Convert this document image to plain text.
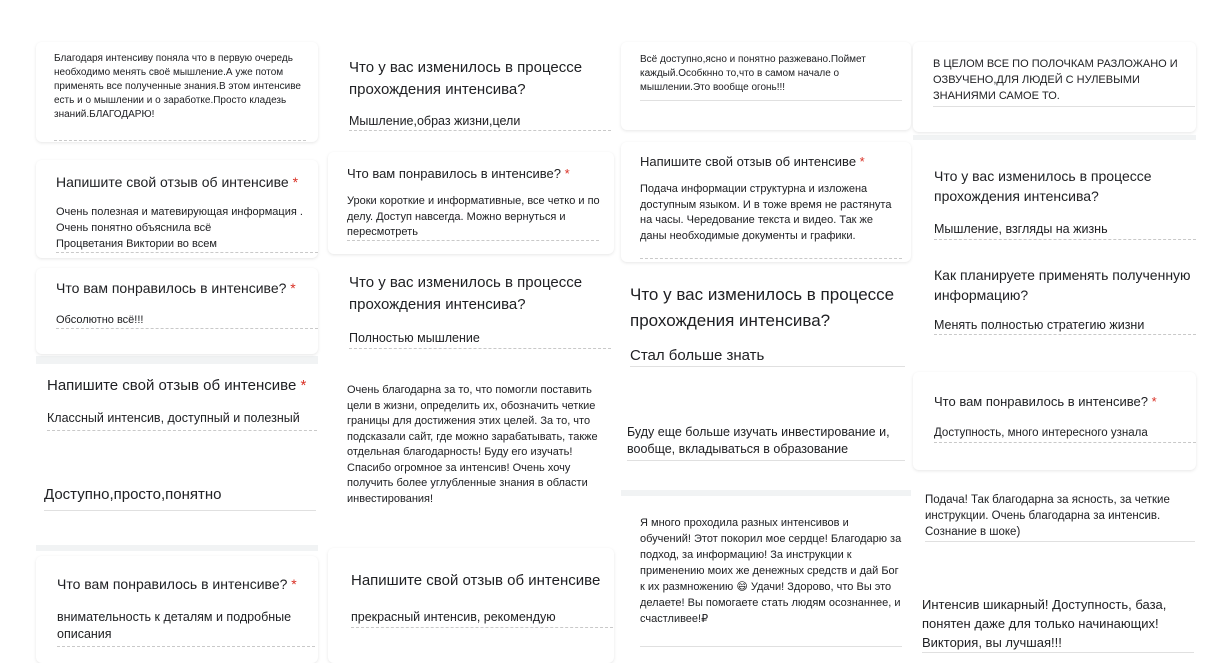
Благодаря интенсиву поняла что в первую очередь необходимо менять своё мышление.А уже потом применять все полученные знания.В этом интенсиве есть и о мышлении и о заработке.Просто кладезь знаний.БЛАГОДАРЮ!
Напишите свой отзыв об интенсиве *
Очень полезная и матевирующая информация . Очень понятно объяснила всё
Процветания Виктории во всем
Что вам понравилось в интенсиве? *
Обсолютно всё!!!
Напишите свой отзыв об интенсиве *
Классный интенсив, доступный и полезный
Доступно,просто,понятно
Что вам понравилось в интенсиве? *
внимательность к деталям и подробные описания
Что у вас изменилось в процессе прохождения интенсива?
Мышление,образ жизни,цели
Что вам понравилось в интенсиве? *
Уроки короткие и информативные, все четко и по делу. Доступ навсегда. Можно вернуться и пересмотреть
Что у вас изменилось в процессе прохождения интенсива?
Полностью мышление
Очень благодарна за то, что помогли поставить цели в жизни, определить их, обозначить четкие границы для достижения этих целей. За то, что подсказали сайт, где можно зарабатывать, также отдельная благодарность! Буду его изучать! Спасибо огромное за интенсив! Очень хочу получить более углубленные знания в области инвестирования!
Напишите свой отзыв об интенсиве
прекрасный интенсив, рекомендую
Всё доступно,ясно и понятно разжевано.Поймет каждый.Особкнно то,что в самом начале о мышлении.Это вообще огонь!!!
Напишите свой отзыв об интенсиве *
Подача информации структурна и изложена доступным языком. И в тоже время не растянута на часы. Чередование текста и видео. Так же даны необходимые документы и графики.
Что у вас изменилось в процессе прохождения интенсива?
Стал больше знать
Буду еще больше изучать инвестирование и, вообще, вкладываться в образование
Я много проходила разных интенсивов и обучений! Этот покорил мое сердце! Благодарю за подход, за информацию! За инструкции к применению моих же денежных средств и дай Бог к их размножению 😄 Удачи! Здорово, что Вы это делаете! Вы помогаете стать людям осознаннее, и счастливее!₽
В ЦЕЛОМ ВСЕ ПО ПОЛОЧКАМ РАЗЛОЖАНО И ОЗВУЧЕНО,ДЛЯ ЛЮДЕЙ С НУЛЕВЫМИ ЗНАНИЯМИ САМОЕ ТО.
Что у вас изменилось в процессе прохождения интенсива?
Мышление, взгляды на жизнь
Как планируете применять полученную информацию?
Менять полностью стратегию жизни
Что вам понравилось в интенсиве? *
Доступность, много интересного узнала
Подача! Так благодарна за ясность, за четкие инструкции. Очень благодарна за интенсив. Сознание в шоке)
Интенсив шикарный! Доступность, база, понятен даже для только начинающих! Виктория, вы лучшая!!!
